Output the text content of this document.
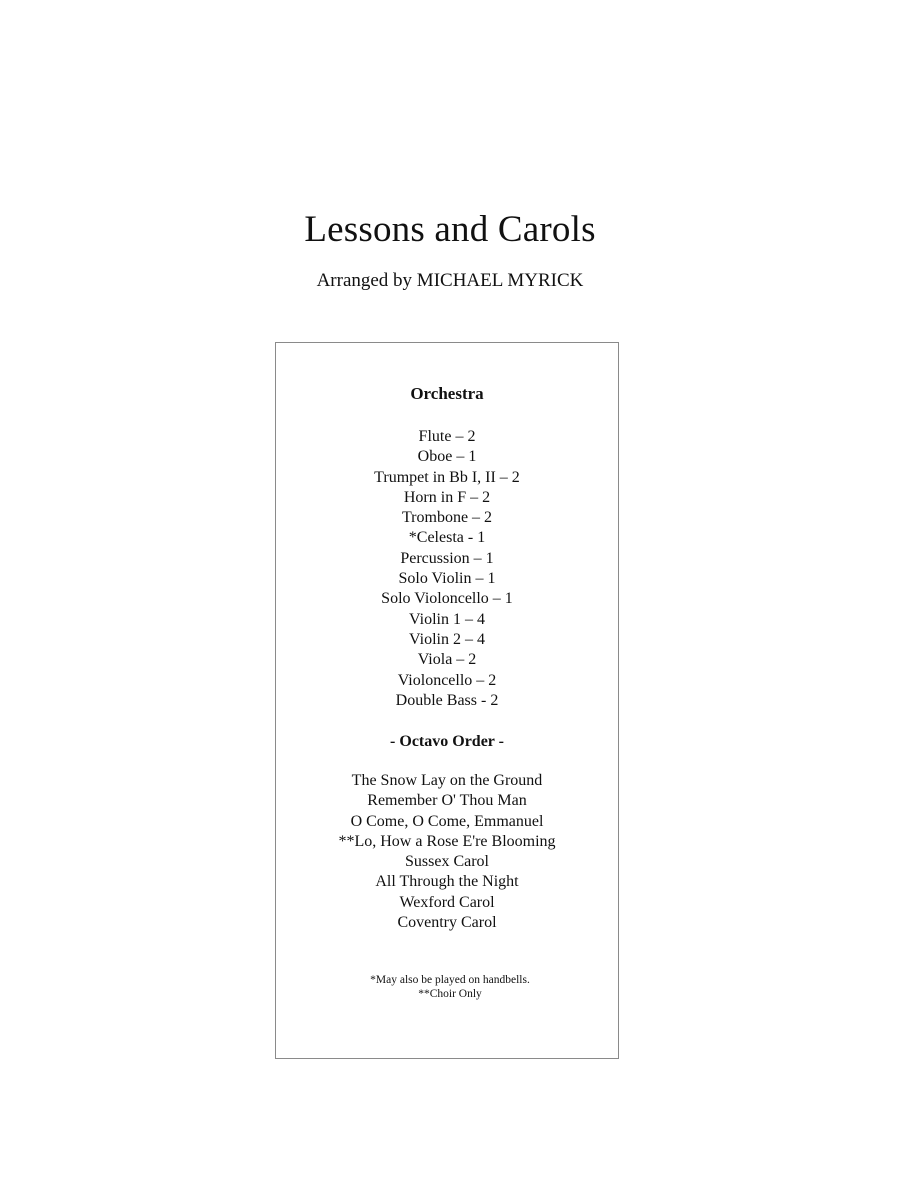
Lessons and Carols
Arranged by MICHAEL MYRICK
Orchestra
Flute – 2
Oboe – 1
Trumpet in Bb I, II – 2
Horn in F – 2
Trombone – 2
*Celesta - 1
Percussion – 1
Solo Violin – 1
Solo Violoncello – 1
Violin 1 – 4
Violin 2 – 4
Viola – 2
Violoncello – 2
Double Bass - 2
- Octavo Order -
The Snow Lay on the Ground
Remember O' Thou Man
O Come, O Come, Emmanuel
**Lo, How a Rose E're Blooming
Sussex Carol
All Through the Night
Wexford Carol
Coventry Carol
*May also be played on handbells.
**Choir Only
